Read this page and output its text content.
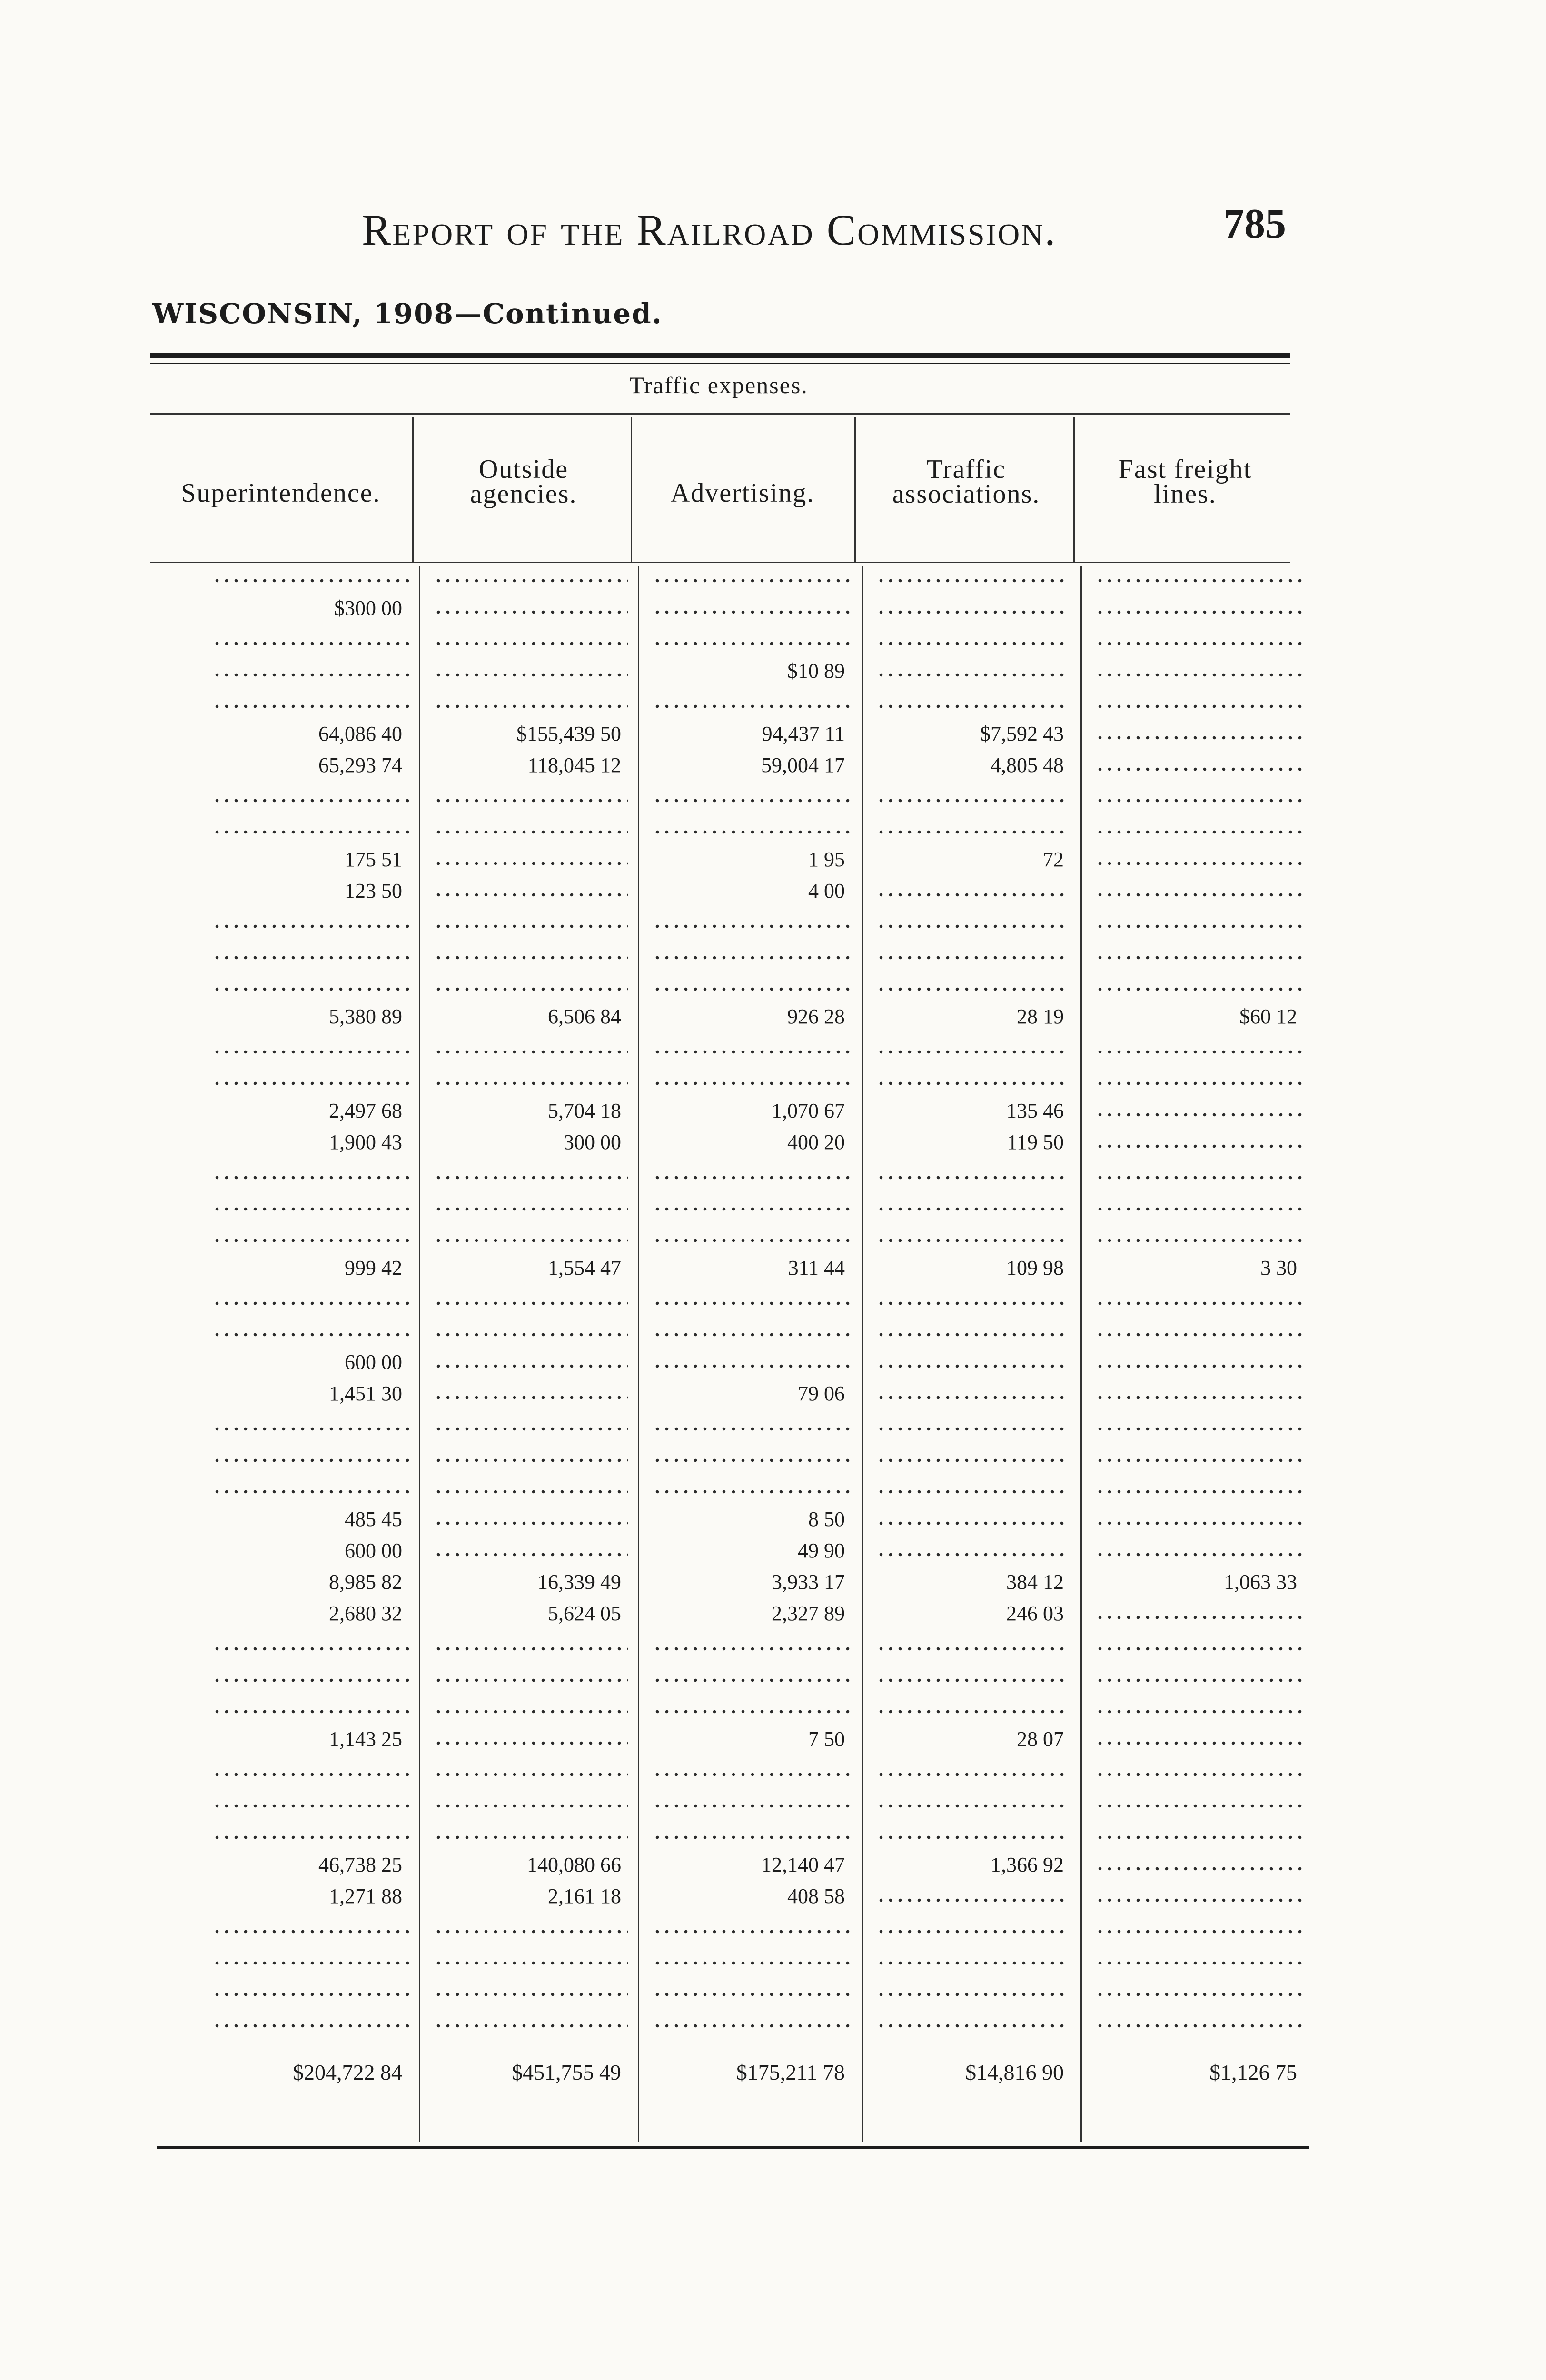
Report of the Railroad Commission.	785
WISCONSIN, 1908—Continued.
Traffic expenses.
Superintendence.
Outside agencies.	Advertising.
Traffic associations.
Fast freight lines.
$300 00
64,086 40
65,293 74
175 51
123 50
5,380 89
2,497 68
1,900 43
999 42
600 00
1,451 30
485 45
600 00
8,985 82
2,680 32
1,143 25
46,738 25
1,271 88
$204,722 84
$155,439 50
118,045 12
6,506 84
5,704 18
300 00
1,554 47
16,339 49
5,624 05
140,080 66
2,161 18
$451,755 49
$10 89
94,437 11
59,004 17
1 95
4 00
926 28
1,070 67
400 20
311 44
79 06
8 50
49 90
3,933 17
2,327 89
7 50
12,140 47
408 58
$175,211 78
$7,592 43
4,805 48
72
28 19
135 46
119 50
109 98
384 12
246 03
28 07
1,366 92
$14,816 90
$60 12
3 30
1,063 33
$1,126 75
